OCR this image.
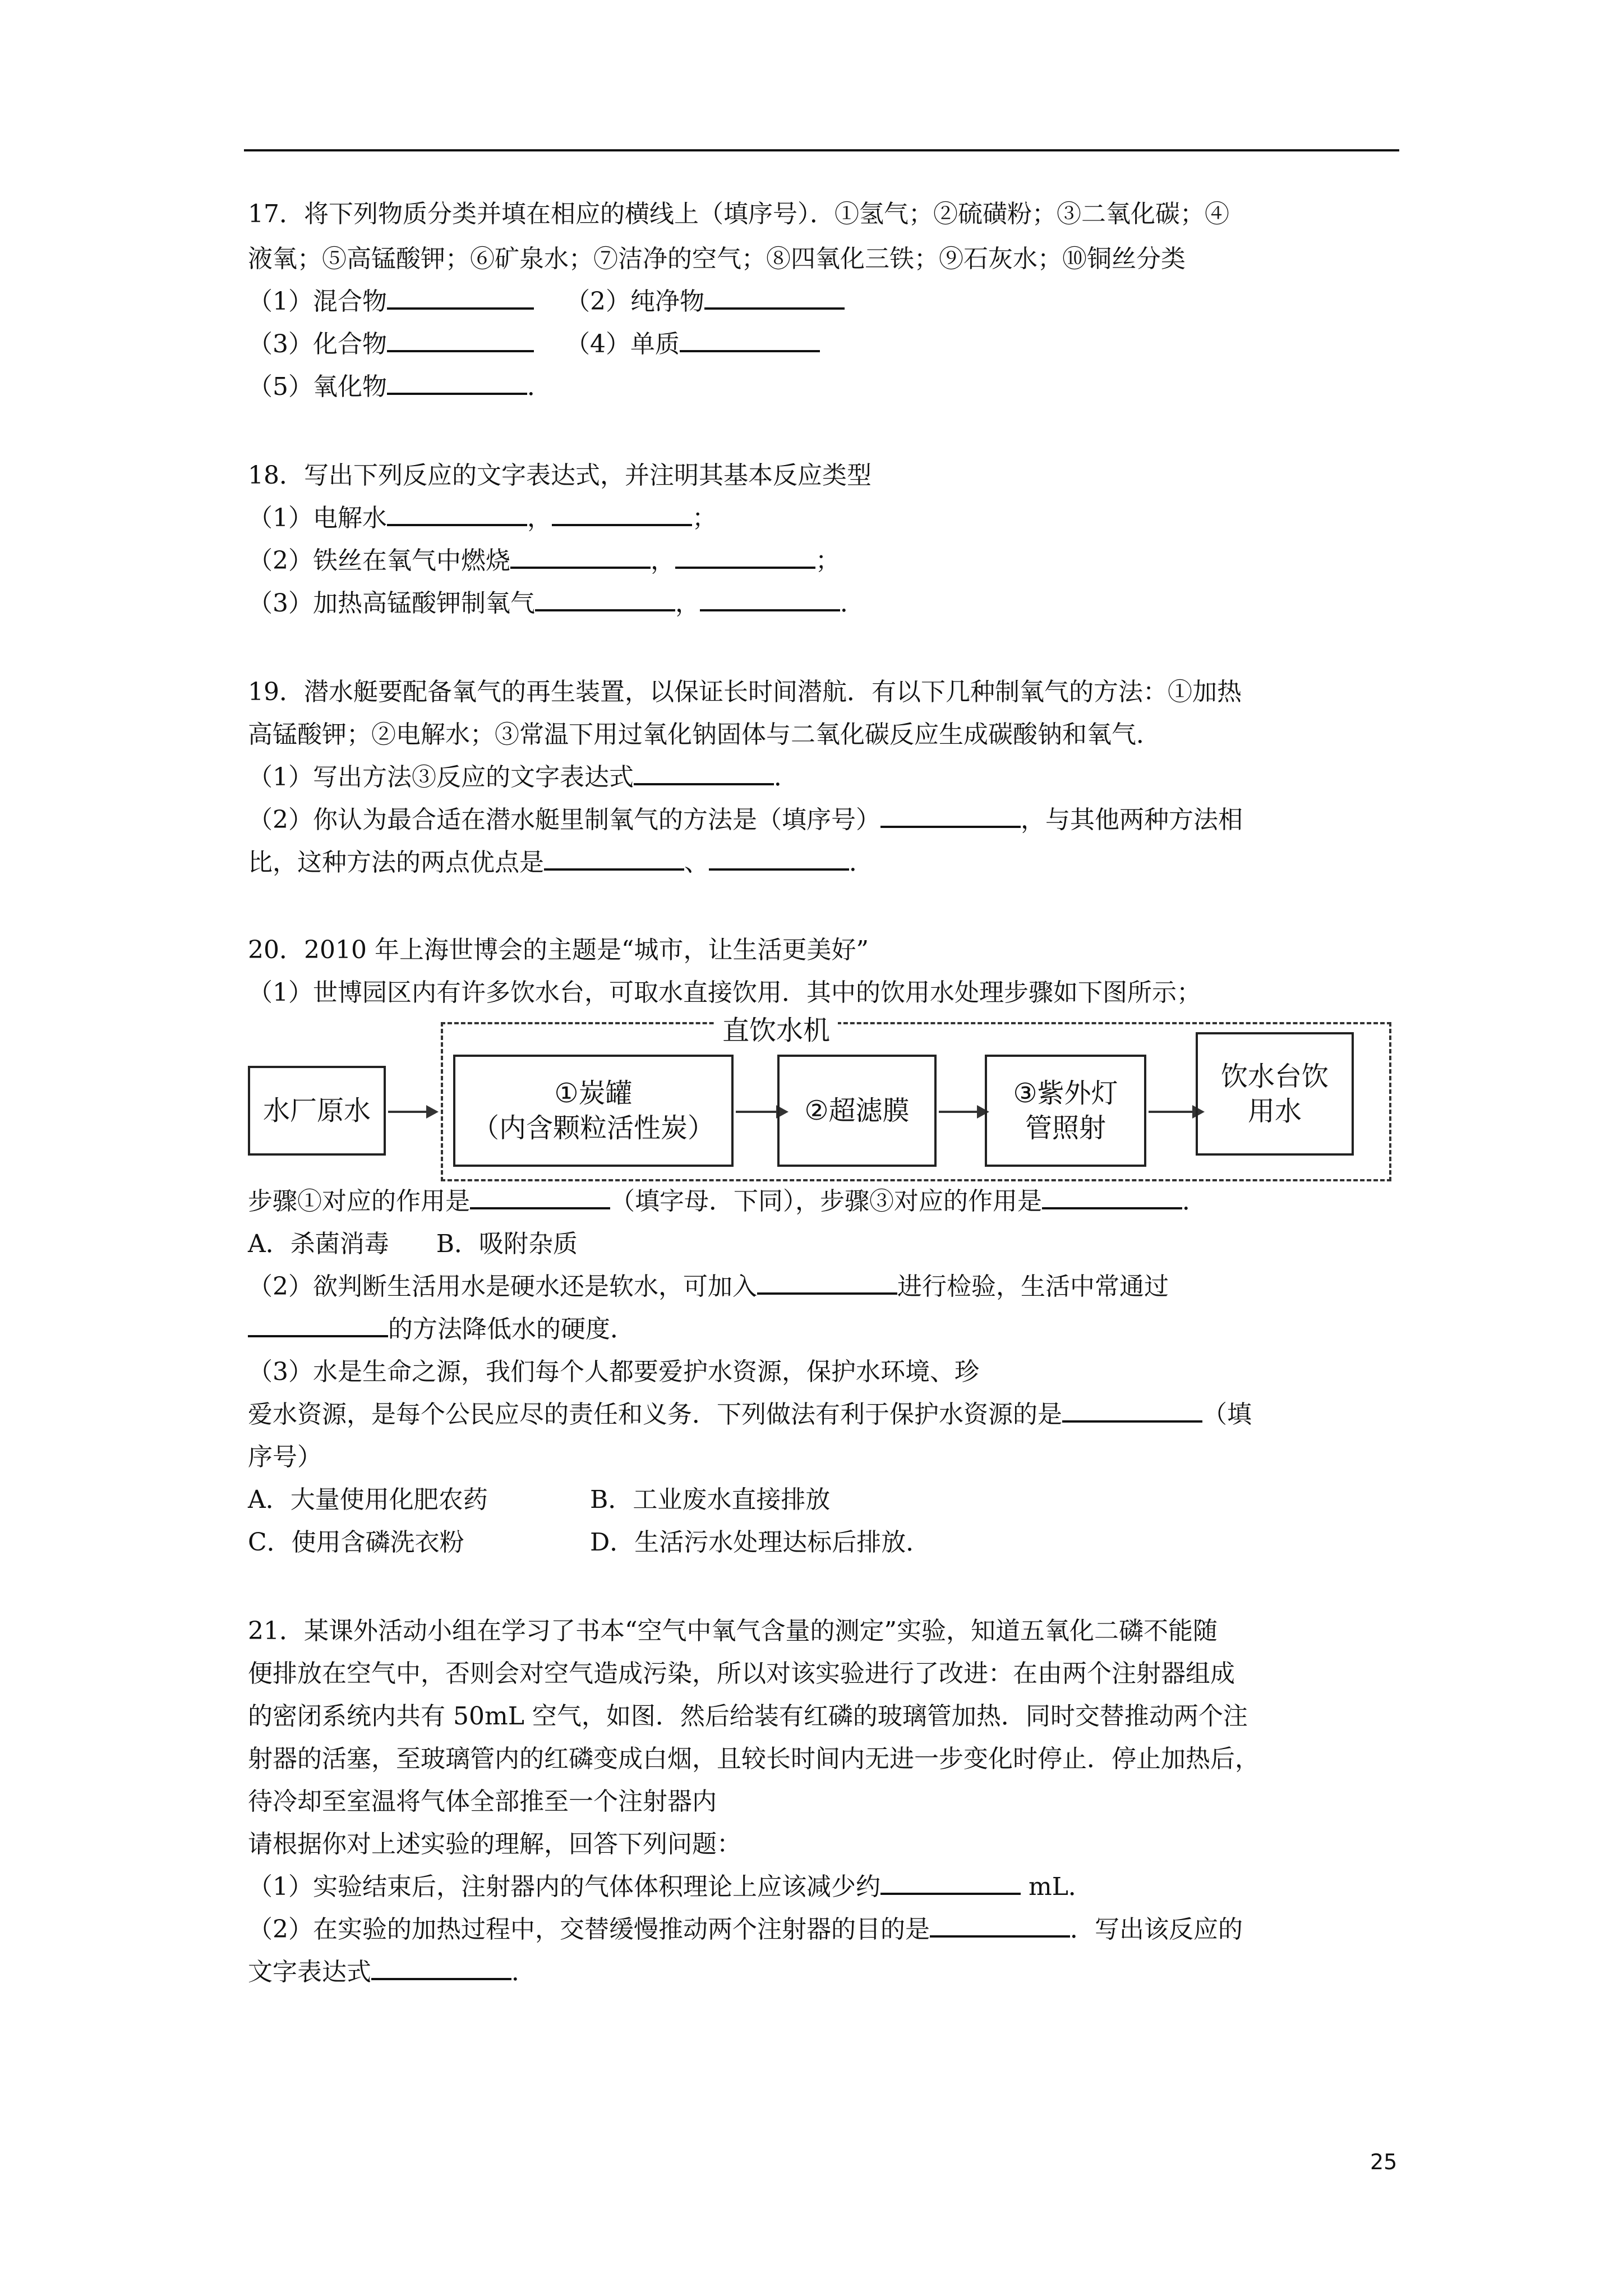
17．将下列物质分类并填在相应的横线上（填序号）．①氢气；②硫磺粉；③二氧化碳；④
液氧；⑤高锰酸钾；⑥矿泉水；⑦洁净的空气；⑧四氧化三铁；⑨石灰水；⑩铜丝分类
（1）混合物	（2）纯净物
（3）化合物	（4）单质
（5）氧化物	．
18．写出下列反应的文字表达式，并注明其基本反应类型
（1）电解水	，	；
（2）铁丝在氧气中燃烧	，	；
（3）加热高锰酸钾制氧气	，	．
19．潜水艇要配备氧气的再生装置，以保证长时间潜航．有以下几种制氧气的方法：①加热
高锰酸钾；②电解水；③常温下用过氧化钠固体与二氧化碳反应生成碳酸钠和氧气．
（1）写出方法③反应的文字表达式	．
（2）你认为最合适在潜水艇里制氧气的方法是（填序号）	，与其他两种方法相
比，这种方法的两点优点是	、	．
20．2010 年上海世博会的主题是“城市，让生活更美好”
（1）世博园区内有许多饮水台，可取水直接饮用．其中的饮用水处理步骤如下图所示；
直饮水机
水厂原水
①炭罐
（内含颗粒活性炭）
②超滤膜
③紫外灯
管照射
饮水台饮
用水
步骤①对应的作用是	（填字母．下同），步骤③对应的作用是	．
A．杀菌消毒      B．吸附杂质
（2）欲判断生活用水是硬水还是软水，可加入	进行检验，生活中常通过
的方法降低水的硬度．
（3）水是生命之源，我们每个人都要爱护水资源，保护水环境、珍
爱水资源，是每个公民应尽的责任和义务．下列做法有利于保护水资源的是	（填
序号）
A．大量使用化肥农药	B．工业废水直接排放
C．使用含磷洗衣粉	D．生活污水处理达标后排放．
21．某课外活动小组在学习了书本“空气中氧气含量的测定”实验，知道五氧化二磷不能随
便排放在空气中，否则会对空气造成污染，所以对该实验进行了改进：在由两个注射器组成
的密闭系统内共有 50mL 空气，如图．然后给装有红磷的玻璃管加热．同时交替推动两个注
射器的活塞，至玻璃管内的红磷变成白烟，且较长时间内无进一步变化时停止．停止加热后，
待冷却至室温将气体全部推至一个注射器内
请根据你对上述实验的理解，回答下列问题：
（1）实验结束后，注射器内的气体体积理论上应该减少约	mL．
（2）在实验的加热过程中，交替缓慢推动两个注射器的目的是	．写出该反应的
文字表达式	．
25
